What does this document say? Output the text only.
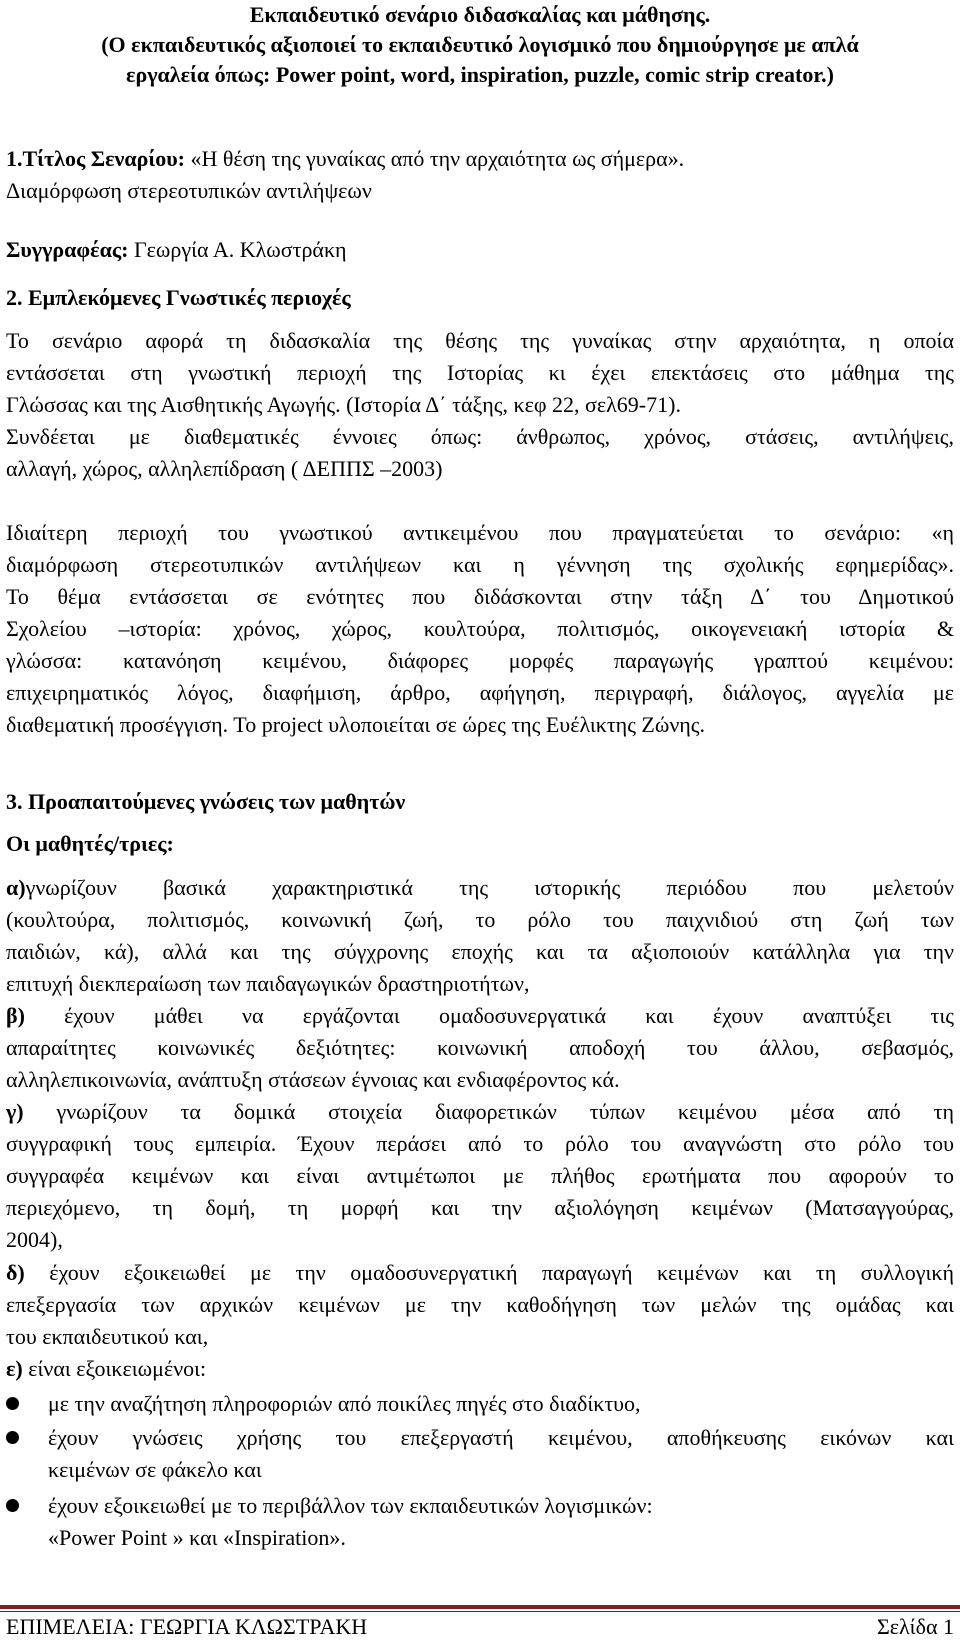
Εκπαιδευτικό σενάριο διδασκαλίας και μάθησης.
(Ο εκπαιδευτικός αξιοποιεί το εκπαιδευτικό λογισμικό που δημιούργησε με απλά
εργαλεία όπως: Power point, word, inspiration, puzzle, comic strip creator.)
1.Τίτλος Σεναρίου: «Η θέση της γυναίκας από την αρχαιότητα ως σήμερα».
Διαμόρφωση στερεοτυπικών αντιλήψεων
Συγγραφέας: Γεωργία Α. Κλωστράκη
2. Εμπλεκόμενες Γνωστικές περιοχές
Το σενάριο αφορά τη διδασκαλία της θέσης της γυναίκας στην αρχαιότητα, η οποία
εντάσσεται στη γνωστική περιοχή της Ιστορίας κι έχει επεκτάσεις στο μάθημα της
Γλώσσας και της Αισθητικής Αγωγής. (Ιστορία Δ΄ τάξης, κεφ 22, σελ69-71).
Συνδέεται με διαθεματικές έννοιες όπως: άνθρωπος, χρόνος, στάσεις, αντιλήψεις,
αλλαγή, χώρος, αλληλεπίδραση ( ΔΕΠΠΣ –2003)
Ιδιαίτερη περιοχή του γνωστικού αντικειμένου που πραγματεύεται το σενάριο: «η
διαμόρφωση στερεοτυπικών αντιλήψεων και η γέννηση της σχολικής εφημερίδας».
Το θέμα εντάσσεται σε ενότητες που διδάσκονται στην τάξη Δ΄ του Δημοτικού
Σχολείου –ιστορία: χρόνος, χώρος, κουλτούρα, πολιτισμός, οικογενειακή ιστορία &
γλώσσα: κατανόηση κειμένου, διάφορες μορφές παραγωγής γραπτού κειμένου:
επιχειρηματικός λόγος, διαφήμιση, άρθρο, αφήγηση, περιγραφή, διάλογος, αγγελία με
διαθεματική προσέγγιση. Το project υλοποιείται σε ώρες της Ευέλικτης Ζώνης.
3. Προαπαιτούμενες γνώσεις των μαθητών
Οι μαθητές/τριες:
α)γνωρίζουν βασικά χαρακτηριστικά της ιστορικής περιόδου που μελετούν
(κουλτούρα, πολιτισμός, κοινωνική ζωή, το ρόλο του παιχνιδιού στη ζωή των
παιδιών, κά), αλλά και της σύγχρονης εποχής και τα αξιοποιούν κατάλληλα για την
επιτυχή διεκπεραίωση των παιδαγωγικών δραστηριοτήτων,
β) έχουν μάθει να εργάζονται ομαδοσυνεργατικά και έχουν αναπτύξει τις
απαραίτητες κοινωνικές δεξιότητες: κοινωνική αποδοχή του άλλου, σεβασμός,
αλληλεπικοινωνία, ανάπτυξη στάσεων έγνοιας και ενδιαφέροντος κά.
γ) γνωρίζουν τα δομικά στοιχεία διαφορετικών τύπων κειμένου μέσα από τη
συγγραφική τους εμπειρία. Έχουν περάσει από το ρόλο του αναγνώστη στο ρόλο του
συγγραφέα κειμένων και είναι αντιμέτωποι με πλήθος ερωτήματα που αφορούν το
περιεχόμενο, τη δομή, τη μορφή και την αξιολόγηση κειμένων (Ματσαγγούρας,
2004),
δ) έχουν εξοικειωθεί με την ομαδοσυνεργατική παραγωγή κειμένων και τη συλλογική
επεξεργασία των αρχικών κειμένων με την καθοδήγηση των μελών της ομάδας και
του εκπαιδευτικού και,
ε) είναι εξοικειωμένοι:
με την αναζήτηση πληροφοριών από ποικίλες πηγές στο διαδίκτυο,
έχουν γνώσεις χρήσης του επεξεργαστή κειμένου, αποθήκευσης εικόνων και
κειμένων σε φάκελο και
έχουν εξοικειωθεί με το περιβάλλον των εκπαιδευτικών λογισμικών:
«Power Point » και «Inspiration».
ΕΠΙΜΕΛΕΙΑ: ΓΕΩΡΓΙΑ ΚΛΩΣΤΡΑΚΗ	Σελίδα 1
